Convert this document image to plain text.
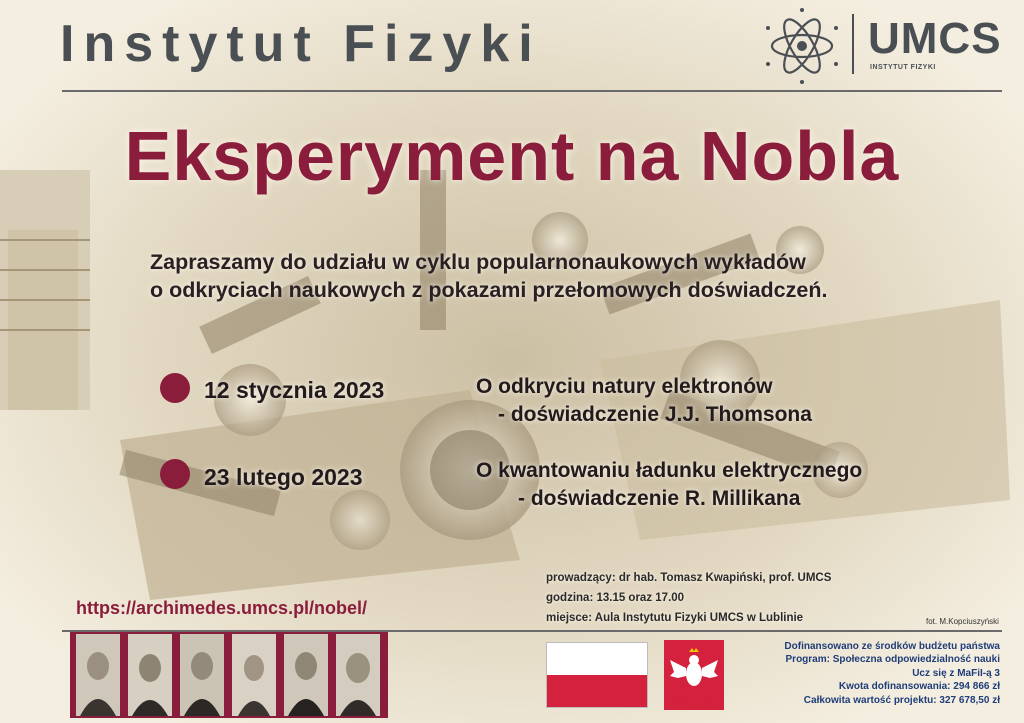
Instytut Fizyki	UMCS
INSTYTUT FIZYKI
Eksperyment na Nobla
Zapraszamy do udziału w cyklu popularnonaukowych wykładów
o odkryciach naukowych z pokazami przełomowych doświadczeń.
12 stycznia 2023	O odkryciu natury elektronów
- doświadczenie J.J. Thomsona
23 lutego 2023	O kwantowaniu ładunku elektrycznego
- doświadczenie R. Millikana
prowadzący: dr hab. Tomasz Kwapiński, prof. UMCS
godzina: 13.15 oraz 17.00
miejsce: Aula Instytutu Fizyki UMCS w Lublinie
https://archimedes.umcs.pl/nobel/
fot. M.Kopciuszyński
Dofinansowano ze środków budżetu państwa
Program: Społeczna odpowiedzialność nauki
Ucz się z MaFiI-ą 3
Kwota dofinansowania: 294 866 zł
Całkowita wartość projektu: 327 678,50 zł
